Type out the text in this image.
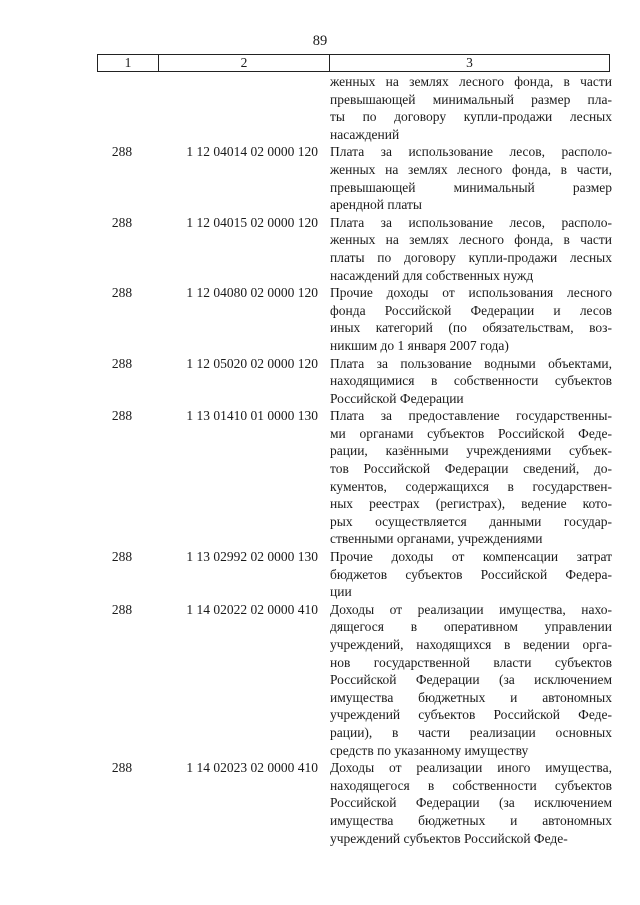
89
1	2	3
женных на землях лесного фонда, в части
превышающей минимальный размер пла-
ты по договору купли-продажи лесных
насаждений
288	1 12 04014 02 0000 120 Плата за использование лесов, располо-
женных на землях лесного фонда, в части,
превышающей минимальный размер
арендной платы
288	1 12 04015 02 0000 120 Плата за использование лесов, располо-
женных на землях лесного фонда, в части
платы по договору купли-продажи лесных
насаждений для собственных нужд
288	1 12 04080 02 0000 120 Прочие доходы от использования лесного
фонда Российской Федерации и лесов
иных категорий (по обязательствам, воз-
никшим до 1 января 2007 года)
288	1 12 05020 02 0000 120 Плата за пользование водными объектами,
находящимися в собственности субъектов
Российской Федерации
288	1 13 01410 01 0000 130 Плата за предоставление государственны-
ми органами субъектов Российской Феде-
рации, казёнными учреждениями субъек-
тов Российской Федерации сведений, до-
кументов, содержащихся в государствен-
ных реестрах (регистрах), ведение кото-
рых осуществляется данными государ-
ственными органами, учреждениями
288	1 13 02992 02 0000 130 Прочие доходы от компенсации затрат
бюджетов субъектов Российской Федера-
ции
288	1 14 02022 02 0000 410 Доходы от реализации имущества, нахо-
дящегося в оперативном управлении
учреждений, находящихся в ведении орга-
нов государственной власти субъектов
Российской Федерации (за исключением
имущества бюджетных и автономных
учреждений субъектов Российской Феде-
рации), в части реализации основных
средств по указанному имуществу
288	1 14 02023 02 0000 410 Доходы от реализации иного имущества,
находящегося в собственности субъектов
Российской Федерации (за исключением
имущества бюджетных и автономных
учреждений субъектов Российской Феде-
